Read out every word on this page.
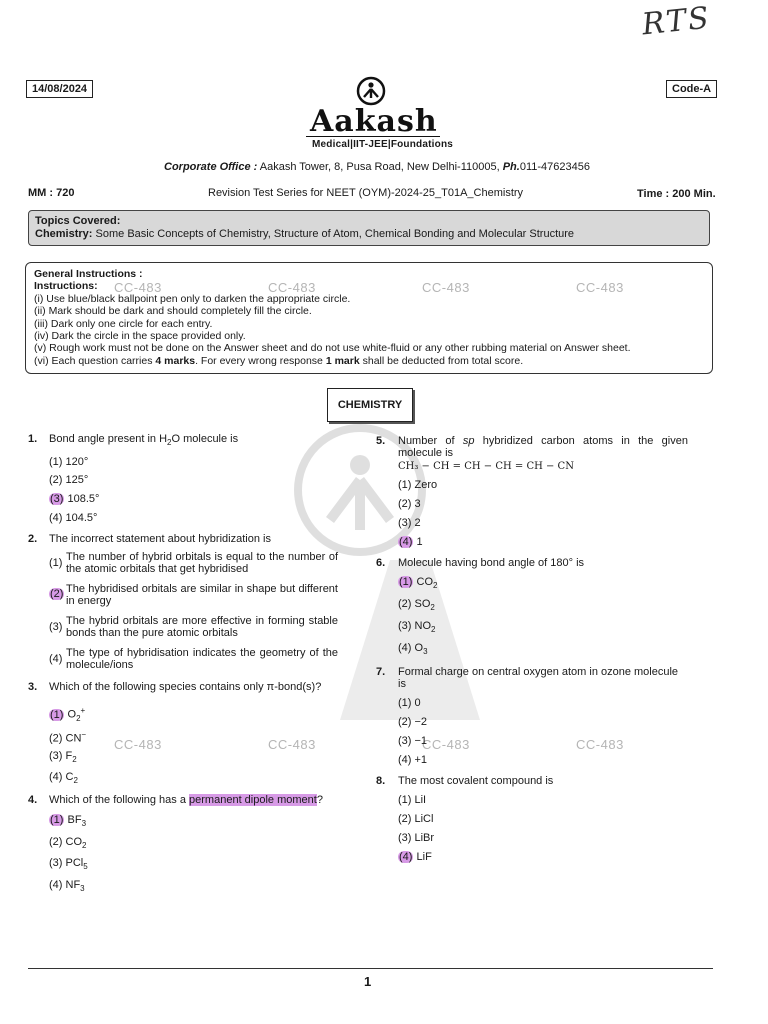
RTS
14/08/2024	Code-A
Aakash
Medical|IIT-JEE|Foundations
Corporate Office : Aakash Tower, 8, Pusa Road, New Delhi-110005, Ph.011-47623456
MM : 720	Revision Test Series for NEET (OYM)-2024-25_T01A_Chemistry	Time : 200 Min.
Topics Covered:
Chemistry: Some Basic Concepts of Chemistry, Structure of Atom, Chemical Bonding and Molecular Structure
General Instructions :
Instructions:
(i) Use blue/black ballpoint pen only to darken the appropriate circle.
(ii) Mark should be dark and should completely fill the circle.
(iii) Dark only one circle for each entry.
(iv) Dark the circle in the space provided only.
(v) Rough work must not be done on the Answer sheet and do not use white-fluid or any other rubbing material on Answer sheet.
(vi) Each question carries 4 marks. For every wrong response 1 mark shall be deducted from total score.
CC-483	CC-483	CC-483	CC-483
CC-483	CC-483	CC-483	CC-483
CHEMISTRY
1. Bond angle present in $H_2O$ molecule is
(1) 120°
(2) 125°
(3) 108.5°
(4) 104.5°
2. The incorrect statement about hybridization is
(1) The number of hybrid orbitals is equal to the number of the atomic orbitals that get hybridised
(2) The hybridised orbitals are similar in shape but different in energy
(3) The hybrid orbitals are more effective in forming stable bonds than the pure atomic orbitals
(4) The type of hybridisation indicates the geometry of the molecule/ions
3. Which of the following species contains only π-bond(s)?
(1) $O_2^+$
(2) CN−
(3) $F_2$
(4) $C_2$
4. Which of the following has a permanent dipole moment?
(1) $BF_3$
(2) $CO_2$
(3) PCl$_5$
(4) $NF_3$
5. Number of sp hybridized carbon atoms in the given molecule is
CH₃ − CH = CH − CH = CH − CN
(1) Zero
(2) 3
(3) 2
(4) 1
6. Molecule having bond angle of 180° is
(1) $CO_2$
(2) $SO_2$
(3) $NO_2$
(4) $O_3$
7. Formal charge on central oxygen atom in ozone molecule is
(1) 0
(2) −2
(3) −1
(4) +1
8. The most covalent compound is
(1) LiI
(2) LiCl
(3) LiBr
(4) LiF
1
